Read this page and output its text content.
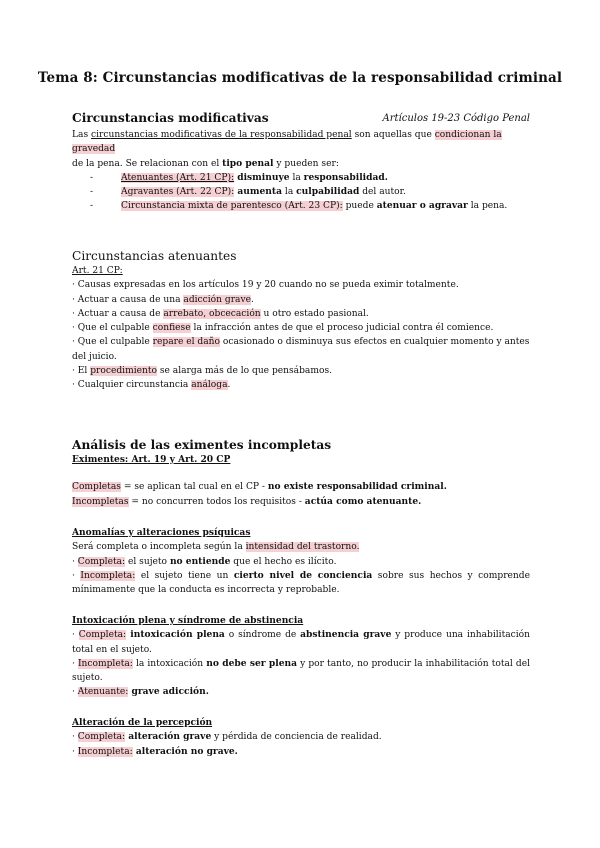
Tema 8: Circunstancias modificativas de la responsabilidad criminal
Circunstancias modificativas	Artículos 19-23 Código Penal

Las circunstancias modificativas de la responsabilidad penal son aquellas que condicionan la gravedad
de la pena. Se relacionan con el tipo penal y pueden ser:

-	Atenuantes (Art. 21 CP): disminuye la responsabilidad.
-	Agravantes (Art. 22 CP): aumenta la culpabilidad del autor.
-	Circunstancia mixta de parentesco (Art. 23 CP): puede atenuar o agravar la pena.
Circunstancias atenuantes

Art. 21 CP:

· Causas expresadas en los artículos 19 y 20 cuando no se pueda eximir totalmente.

· Actuar a causa de una adicción grave.

· Actuar a causa de arrebato, obcecación u otro estado pasional.

· Que el culpable confiese la infracción antes de que el proceso judicial contra él comience.

· Que el culpable repare el daño ocasionado o disminuya sus efectos en cualquier momento y antes del juicio.

· El procedimiento se alarga más de lo que pensábamos.

· Cualquier circunstancia análoga.

Análisis de las eximentes incompletas

Eximentes: Art. 19 y Art. 20 CP

Completas = se aplican tal cual en el CP - no existe responsabilidad criminal.

Incompletas = no concurren todos los requisitos - actúa como atenuante.

Anomalías y alteraciones psíquicas

Será completa o incompleta según la intensidad del trastorno.

· Completa: el sujeto no entiende que el hecho es ilícito.

· Incompleta: el sujeto tiene un cierto nivel de conciencia sobre sus hechos y comprende mínimamente que la conducta es incorrecta y reprobable.

Intoxicación plena y síndrome de abstinencia

· Completa: intoxicación plena o síndrome de abstinencia grave y produce una inhabilitación total en el sujeto.

· Incompleta: la intoxicación no debe ser plena y por tanto, no producir la inhabilitación total del sujeto.

· Atenuante: grave adicción.

Alteración de la percepción

· Completa: alteración grave y pérdida de conciencia de realidad.

· Incompleta: alteración no grave.
